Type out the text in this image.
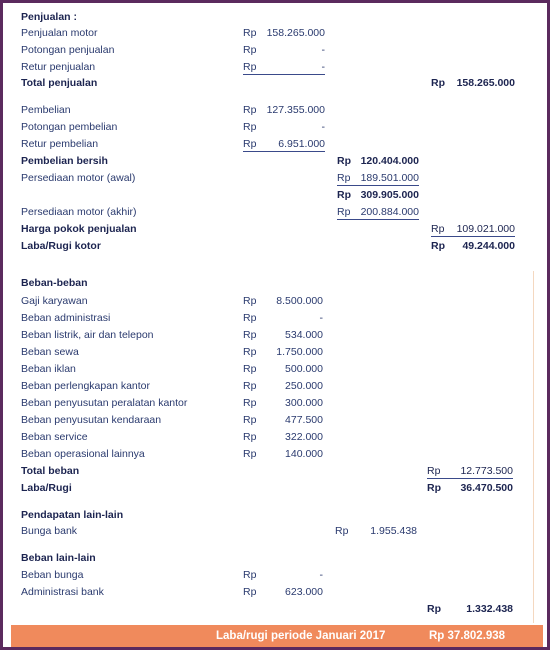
Penjualan :
Penjualan motor	Rp 158.265.000
Potongan penjualan	Rp	-
Retur penjualan	Rp	-
Total penjualan	Rp	158.265.000
Pembelian	Rp 127.355.000
Potongan pembelian	Rp	-
Retur pembelian	Rp	6.951.000
Pembelian bersih	Rp 120.404.000
Persediaan motor (awal)	Rp 189.501.000
Rp 309.905.000
Persediaan motor (akhir)	Rp 200.884.000
Harga pokok penjualan	Rp	109.021.000
Laba/Rugi kotor	Rp	49.244.000
Beban-beban
Gaji karyawan	Rp	8.500.000
Beban administrasi	Rp	-
Beban listrik, air dan telepon	Rp	534.000
Beban sewa	Rp	1.750.000
Beban iklan	Rp	500.000
Beban perlengkapan kantor	Rp	250.000
Beban penyusutan peralatan kantor	Rp	300.000
Beban penyusutan kendaraan	Rp	477.500
Beban service	Rp	322.000
Beban operasional lainnya	Rp	140.000
Total beban	Rp	12.773.500
Laba/Rugi	Rp	36.470.500
Pendapatan lain-lain
Bunga bank	Rp	1.955.438
Beban lain-lain
Beban bunga	Rp	-
Administrasi bank	Rp	623.000
Rp	1.332.438
Laba/rugi periode Januari 2017	Rp 37.802.938
